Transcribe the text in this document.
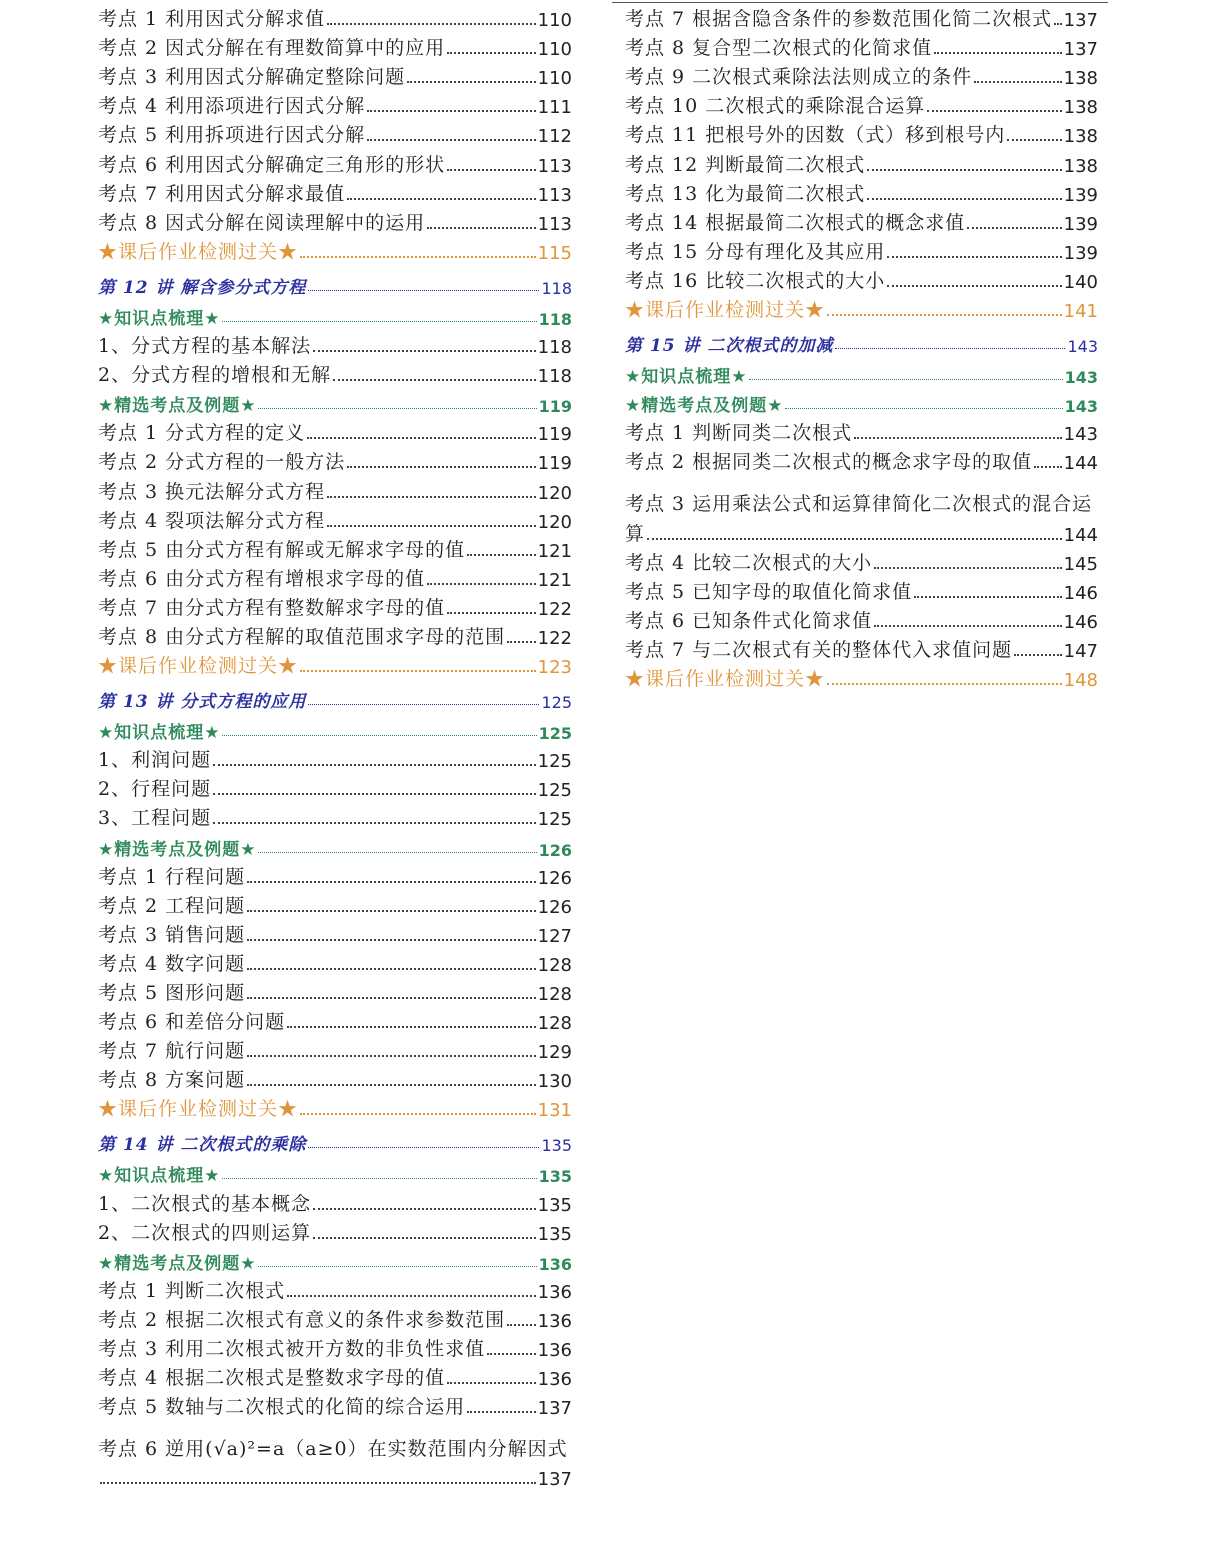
考点 1 利用因式分解求值	110
考点 2 因式分解在有理数简算中的应用	110
考点 3 利用因式分解确定整除问题	110
考点 4 利用添项进行因式分解	111
考点 5 利用拆项进行因式分解	112
考点 6 利用因式分解确定三角形的形状	113
考点 7 利用因式分解求最值	113
考点 8 因式分解在阅读理解中的运用	113
★课后作业检测过关★	115
第 12 讲 解含参分式方程	118
★知识点梳理★	118
1、分式方程的基本解法	118
2、分式方程的增根和无解	118
★精选考点及例题★	119
考点 1 分式方程的定义	119
考点 2 分式方程的一般方法	119
考点 3 换元法解分式方程	120
考点 4 裂项法解分式方程	120
考点 5 由分式方程有解或无解求字母的值	121
考点 6 由分式方程有增根求字母的值	121
考点 7 由分式方程有整数解求字母的值	122
考点 8 由分式方程解的取值范围求字母的范围 122
★课后作业检测过关★	123
第 13 讲 分式方程的应用	125
★知识点梳理★	125
1、利润问题	125
2、行程问题	125
3、工程问题	125
★精选考点及例题★	126
考点 1 行程问题	126
考点 2 工程问题	126
考点 3 销售问题	127
考点 4 数字问题	128
考点 5 图形问题	128
考点 6 和差倍分问题	128
考点 7 航行问题	129
考点 8 方案问题	130
★课后作业检测过关★	131
第 14 讲 二次根式的乘除	135
★知识点梳理★	135
1、二次根式的基本概念	135
2、二次根式的四则运算	135
★精选考点及例题★	136
考点 1 判断二次根式	136
考点 2 根据二次根式有意义的条件求参数范围 136
考点 3 利用二次根式被开方数的非负性求值	136
考点 4 根据二次根式是整数求字母的值	136
考点 5 数轴与二次根式的化简的综合运用	137
考点 6 逆用(√a)²=a（a≥0）在实数范围内分解因式
137
考点 7 根据含隐含条件的参数范围化简二次根式 137
考点 8 复合型二次根式的化简求值	137
考点 9 二次根式乘除法法则成立的条件	138
考点 10 二次根式的乘除混合运算	138
考点 11 把根号外的因数（式）移到根号内	138
考点 12 判断最简二次根式	138
考点 13 化为最简二次根式	139
考点 14 根据最简二次根式的概念求值	139
考点 15 分母有理化及其应用	139
考点 16 比较二次根式的大小	140
★课后作业检测过关★	141
第 15 讲 二次根式的加减	143
★知识点梳理★	143
★精选考点及例题★	143
考点 1 判断同类二次根式	143
考点 2 根据同类二次根式的概念求字母的取值 144
考点 3 运用乘法公式和运算律简化二次根式的混合运
算	144
考点 4 比较二次根式的大小	145
考点 5 已知字母的取值化简求值	146
考点 6 已知条件式化简求值	146
考点 7 与二次根式有关的整体代入求值问题	147
★课后作业检测过关★	148
